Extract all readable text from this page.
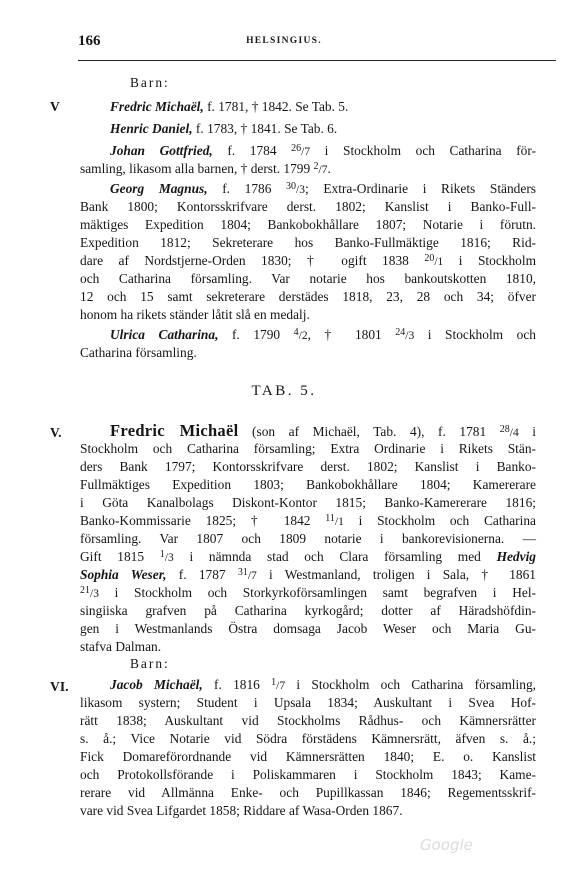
166	HELSINGIUS.
Barn:
V	Fredric Michaël, f. 1781, † 1842. Se Tab. 5.
Henric Daniel, f. 1783, † 1841. Se Tab. 6.
Johan Gottfried, f. 1784 $^{26}$/7 i Stockholm och Catharina för-
samling, likasom alla barnen, † derst. 1799 $^2$/7.
Georg Magnus, f. 1786 $^{30}$/3; Extra-Ordinarie i Rikets Ständers
Bank 1800; Kontorsskrifvare derst. 1802; Kanslist i Banko-Full-
mäktiges Expedition 1804; Bankobokhållare 1807; Notarie i förutn.
Expedition 1812; Sekreterare hos Banko-Fullmäktige 1816; Rid-
dare af Nordstjerne-Orden 1830; † ogift 1838 $^{20}$/1 i Stockholm
och Catharina församling. Var notarie hos bankoutskotten 1810,
12 och 15 samt sekreterare derstädes 1818, 23, 28 och 34; öfver
honom ha rikets ständer låtit slå en medalj.
Ulrica Catharina, f. 1790 $^4$/2, † 1801 $^{24}$/3 i Stockholm och
Catharina församling.
TAB. 5.
V.	Fredric Michaël (son af Michaël, Tab. 4), f. 1781 $^{28}$/4 i
Stockholm och Catharina församling; Extra Ordinarie i Rikets Stän-
ders Bank 1797; Kontorsskrifvare derst. 1802; Kanslist i Banko-
Fullmäktiges Expedition 1803; Bankobokhållare 1804; Kamererare
i Göta Kanalbolags Diskont-Kontor 1815; Banko-Kamererare 1816;
Banko-Kommissarie 1825; † 1842 $^{11}$/1 i Stockholm och Catharina
församling. Var 1807 och 1809 notarie i bankorevisionerna. —
Gift 1815 $^1$/3 i nämnda stad och Clara församling med Hedvig
Sophia Weser, f. 1787 $^{31}$/7 i Westmanland, troligen i Sala, † 1861
$^{21}$/3 i Stockholm och Storkyrkoförsamlingen samt begrafven i Hel-
singiiska grafven på Catharina kyrkogård; dotter af Häradshöfdin-
gen i Westmanlands Östra domsaga Jacob Weser och Maria Gu-
stafva Dalman.
Barn:
VI.	Jacob Michaël, f. 1816 $^1$/7 i Stockholm och Catharina församling,
likasom systern; Student i Upsala 1834; Auskultant i Svea Hof-
rätt 1838; Auskultant vid Stockholms Rådhus- och Kämnersrätter
s. å.; Vice Notarie vid Södra förstädens Kämnersrätt, äfven s. å.;
Fick Domareförordnande vid Kämnersrätten 1840; E. o. Kanslist
och Protokollsförande i Poliskammaren i Stockholm 1843; Kame-
rerare vid Allmänna Enke- och Pupillkassan 1846; Regementsskrif-
vare vid Svea Lifgardet 1858; Riddare af Wasa-Orden 1867.
Google
